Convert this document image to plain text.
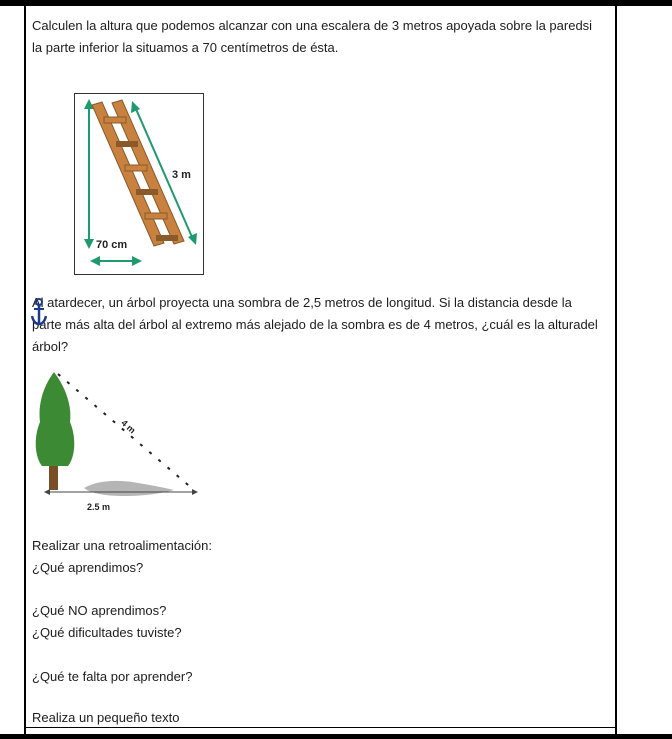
Calculen la altura que podemos alcanzar con una escalera de 3 metros apoyada sobre la paredsi
la parte inferior la situamos a 70 centímetros de ésta.
3 m
70 cm
Al atardecer, un árbol proyecta una sombra de 2,5 metros de longitud. Si la distancia desde la
parte más alta del árbol al extremo más alejado de la sombra es de 4 metros, ¿cuál es la alturadel
árbol?
4 m
2.5 m
Realizar una retroalimentación:
¿Qué aprendimos?
¿Qué NO aprendimos?
¿Qué dificultades tuviste?
¿Qué te falta por aprender?
Realiza un pequeño texto
